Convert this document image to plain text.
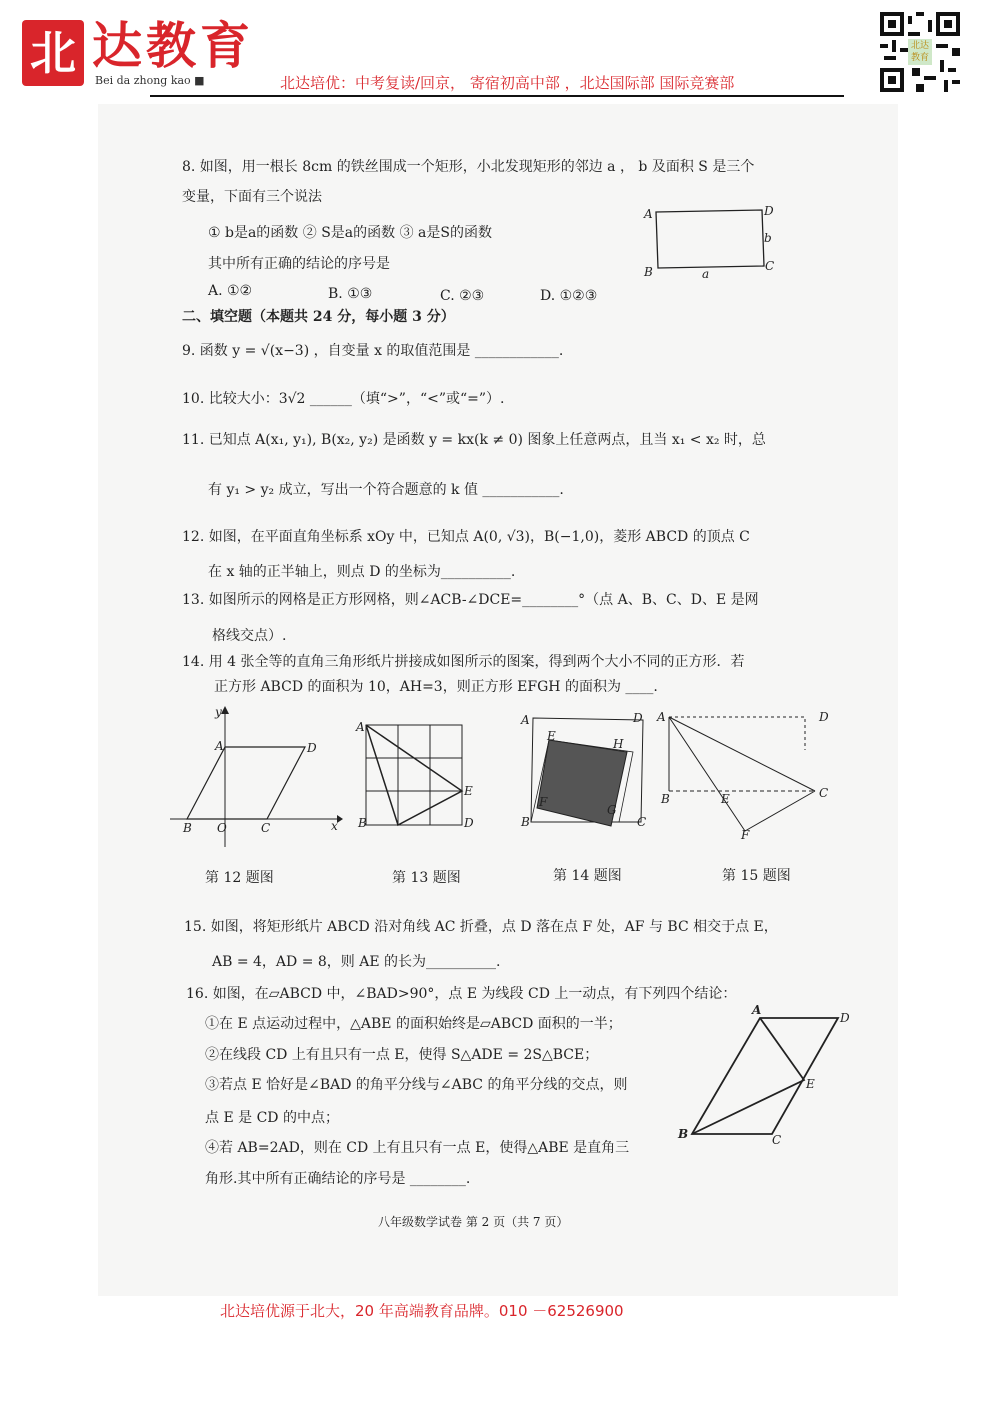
北 达教育
Bei da zhong kao ■	北达培优：中考复读/回京， 寄宿初高中部 ，北达国际部 国际竞赛部
北达教育
8. 如图，用一根长 8cm 的铁丝围成一个矩形，小北发现矩形的邻边 a ， b 及面积 S 是三个
变量，下面有三个说法
① b是a的函数 ② S是a的函数 ③ a是S的函数
其中所有正确的结论的序号是
A. ①②	B. ①③	C. ②③	D. ①②③
A	D
b
C
B	a
二、填空题（本题共 24 分，每小题 3 分）
9. 函数 y = √(x−3) ，自变量 x 的取值范围是 ____________.
10. 比较大小：3√2 ______（填“>”，“<”或“=”）.
11. 已知点 A(x₁, y₁), B(x₂, y₂) 是函数 y = kx(k ≠ 0) 图象上任意两点，且当 x₁ < x₂ 时，总
有 y₁ > y₂ 成立，写出一个符合题意的 k 值 ___________.
12. 如图，在平面直角坐标系 xOy 中，已知点 A(0, √3)，B(−1,0)，菱形 ABCD 的顶点 C
在 x 轴的正半轴上，则点 D 的坐标为__________.
13. 如图所示的网格是正方形网格，则∠ACB-∠DCE=________°（点 A、B、C、D、E 是网
格线交点）.
14. 用 4 张全等的直角三角形纸片拼接成如图所示的图案，得到两个大小不同的正方形．若
正方形 ABCD 的面积为 10，AH=3，则正方形 EFGH 的面积为 ____.
y
x
A	D
B O	C
第 12 题图
A
B	D
E
第 13 题图
A	D
E
H
F
G
B	C
第 14 题图
A	D
B	E	C
F
第 15 题图
15. 如图，将矩形纸片 ABCD 沿对角线 AC 折叠，点 D 落在点 F 处，AF 与 BC 相交于点 E，
AB = 4，AD = 8，则 AE 的长为__________.
16. 如图，在▱ABCD 中，∠BAD>90°，点 E 为线段 CD 上一动点，有下列四个结论：
①在 E 点运动过程中，△ABE 的面积始终是▱ABCD 面积的一半；
②在线段 CD 上有且只有一点 E，使得 S△ADE = 2S△BCE；
③若点 E 恰好是∠BAD 的角平分线与∠ABC 的角平分线的交点，则
点 E 是 CD 的中点；
④若 AB=2AD，则在 CD 上有且只有一点 E，使得△ABE 是直角三
角形.其中所有正确结论的序号是 ________.
A
D
E
B	C
八年级数学试卷 第 2 页（共 7 页）
北达培优源于北大，20 年高端教育品牌。010 －62526900
